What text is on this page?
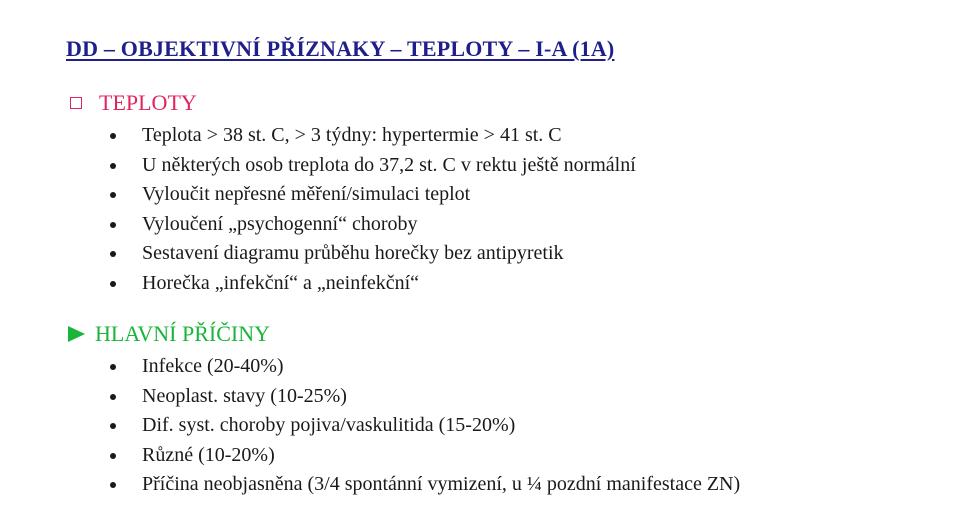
DD – OBJEKTIVNÍ PŘÍZNAKY – TEPLOTY – I-A (1A)
TEPLOTY
Teplota > 38 st. C, > 3 týdny: hypertermie > 41 st. C
U některých osob treplota do 37,2 st. C v rektu ještě normální
Vyloučit nepřesné měření/simulaci teplot
Vyloučení „psychogenní“ choroby
Sestavení diagramu průběhu horečky bez antipyretik
Horečka „infekční“ a „neinfekční“
HLAVNÍ PŘÍČINY
Infekce (20-40%)
Neoplast. stavy (10-25%)
Dif. syst. choroby pojiva/vaskulitida (15-20%)
Různé (10-20%)
Příčina neobjasněna (3/4 spontánní vymizení, u ¼ pozdní manifestace ZN)
